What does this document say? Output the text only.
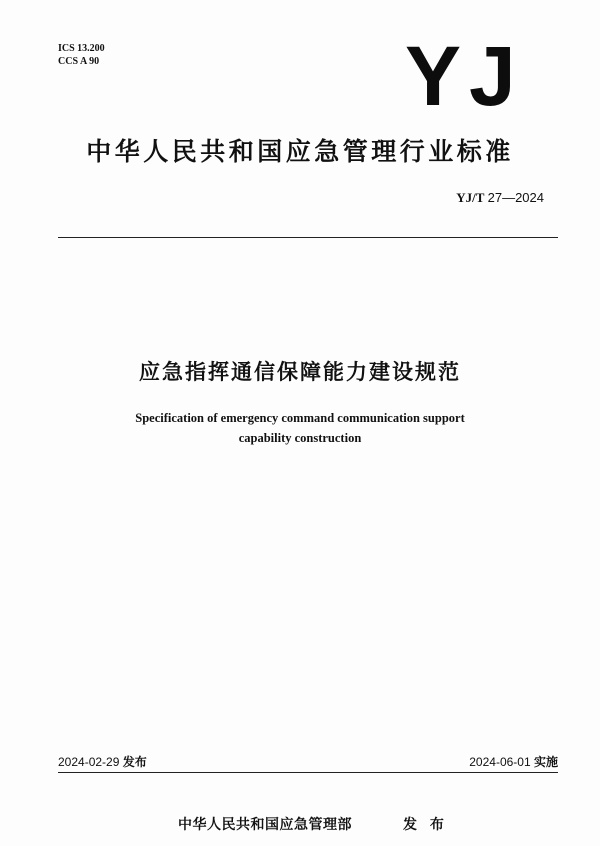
ICS 13.200
CCS A 90	YJ
中华人民共和国应急管理行业标准
YJ/T 27—2024
应急指挥通信保障能力建设规范
Specification of emergency command communication support
capability construction
2024-02-29 发布	2024-06-01 实施
中华人民共和国应急管理部	发 布
